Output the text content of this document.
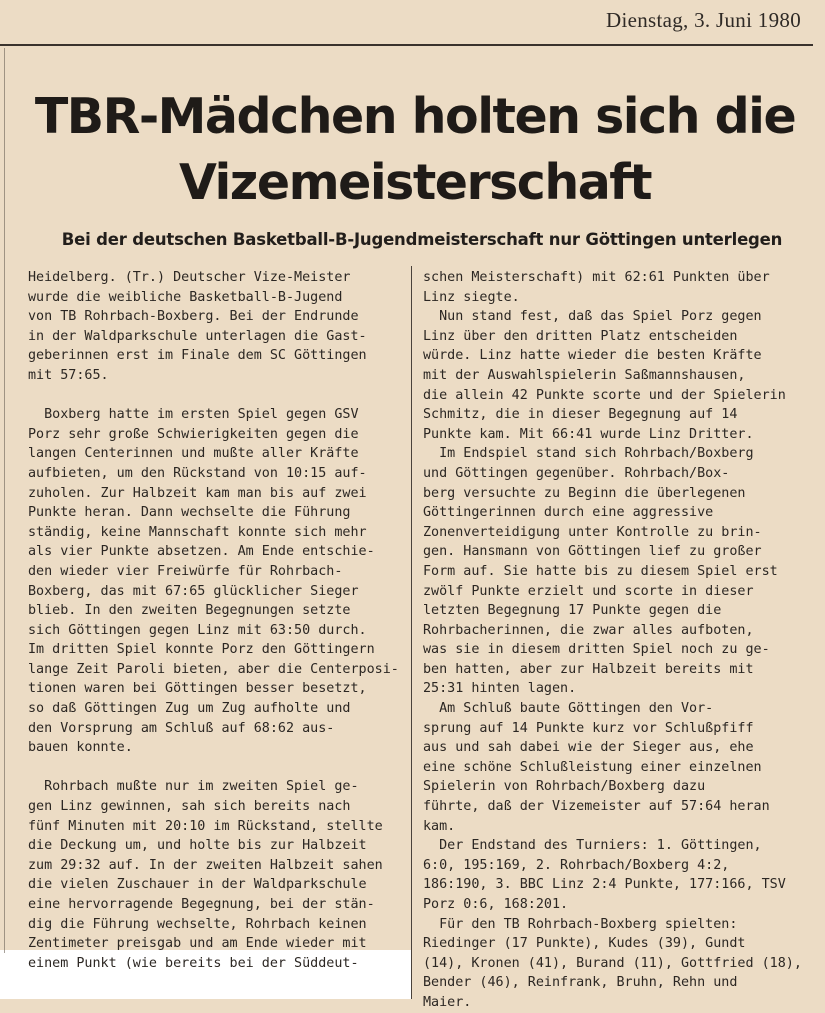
Dienstag, 3. Juni 1980
TBR-Mädchen holten sich die Vizemeisterschaft
Bei der deutschen Basketball-B-Jugendmeisterschaft nur Göttingen unterlegen
Heidelberg. (Tr.) Deutscher Vize-Meister
wurde die weibliche Basketball-B-Jugend
von TB Rohrbach-Boxberg. Bei der Endrunde
in der Waldparkschule unterlagen die Gast-
geberinnen erst im Finale dem SC Göttingen
mit 57:65.

Boxberg hatte im ersten Spiel gegen GSV
Porz sehr große Schwierigkeiten gegen die
langen Centerinnen und mußte aller Kräfte
aufbieten, um den Rückstand von 10:15 auf-
zuholen. Zur Halbzeit kam man bis auf zwei
Punkte heran. Dann wechselte die Führung
ständig, keine Mannschaft konnte sich mehr
als vier Punkte absetzen. Am Ende entschie-
den wieder vier Freiwürfe für Rohrbach-
Boxberg, das mit 67:65 glücklicher Sieger
blieb. In den zweiten Begegnungen setzte
sich Göttingen gegen Linz mit 63:50 durch.
Im dritten Spiel konnte Porz den Göttingern
lange Zeit Paroli bieten, aber die Centerposi-
tionen waren bei Göttingen besser besetzt,
so daß Göttingen Zug um Zug aufholte und
den Vorsprung am Schluß auf 68:62 aus-
bauen konnte.

Rohrbach mußte nur im zweiten Spiel ge-
gen Linz gewinnen, sah sich bereits nach
fünf Minuten mit 20:10 im Rückstand, stellte
die Deckung um, und holte bis zur Halbzeit
zum 29:32 auf. In der zweiten Halbzeit sahen
die vielen Zuschauer in der Waldparkschule
eine hervorragende Begegnung, bei der stän-
dig die Führung wechselte, Rohrbach keinen
Zentimeter preisgab und am Ende wieder mit
einem Punkt (wie bereits bei der Süddeut-
schen Meisterschaft) mit 62:61 Punkten über
Linz siegte.
Nun stand fest, daß das Spiel Porz gegen
Linz über den dritten Platz entscheiden
würde. Linz hatte wieder die besten Kräfte
mit der Auswahlspielerin Saßmannshausen,
die allein 42 Punkte scorte und der Spielerin
Schmitz, die in dieser Begegnung auf 14
Punkte kam. Mit 66:41 wurde Linz Dritter.
Im Endspiel stand sich Rohrbach/Boxberg
und Göttingen gegenüber. Rohrbach/Box-
berg versuchte zu Beginn die überlegenen
Göttingerinnen durch eine aggressive
Zonenverteidigung unter Kontrolle zu brin-
gen. Hansmann von Göttingen lief zu großer
Form auf. Sie hatte bis zu diesem Spiel erst
zwölf Punkte erzielt und scorte in dieser
letzten Begegnung 17 Punkte gegen die
Rohrbacherinnen, die zwar alles aufboten,
was sie in diesem dritten Spiel noch zu ge-
ben hatten, aber zur Halbzeit bereits mit
25:31 hinten lagen.
Am Schluß baute Göttingen den Vor-
sprung auf 14 Punkte kurz vor Schlußpfiff
aus und sah dabei wie der Sieger aus, ehe
eine schöne Schlußleistung einer einzelnen
Spielerin von Rohrbach/Boxberg dazu
führte, daß der Vizemeister auf 57:64 heran
kam.
Der Endstand des Turniers: 1. Göttingen,
6:0, 195:169, 2. Rohrbach/Boxberg 4:2,
186:190, 3. BBC Linz 2:4 Punkte, 177:166, TSV
Porz 0:6, 168:201.
Für den TB Rohrbach-Boxberg spielten:
Riedinger (17 Punkte), Kudes (39), Gundt
(14), Kronen (41), Burand (11), Gottfried (18),
Bender (46), Reinfrank, Bruhn, Rehn und
Maier.
